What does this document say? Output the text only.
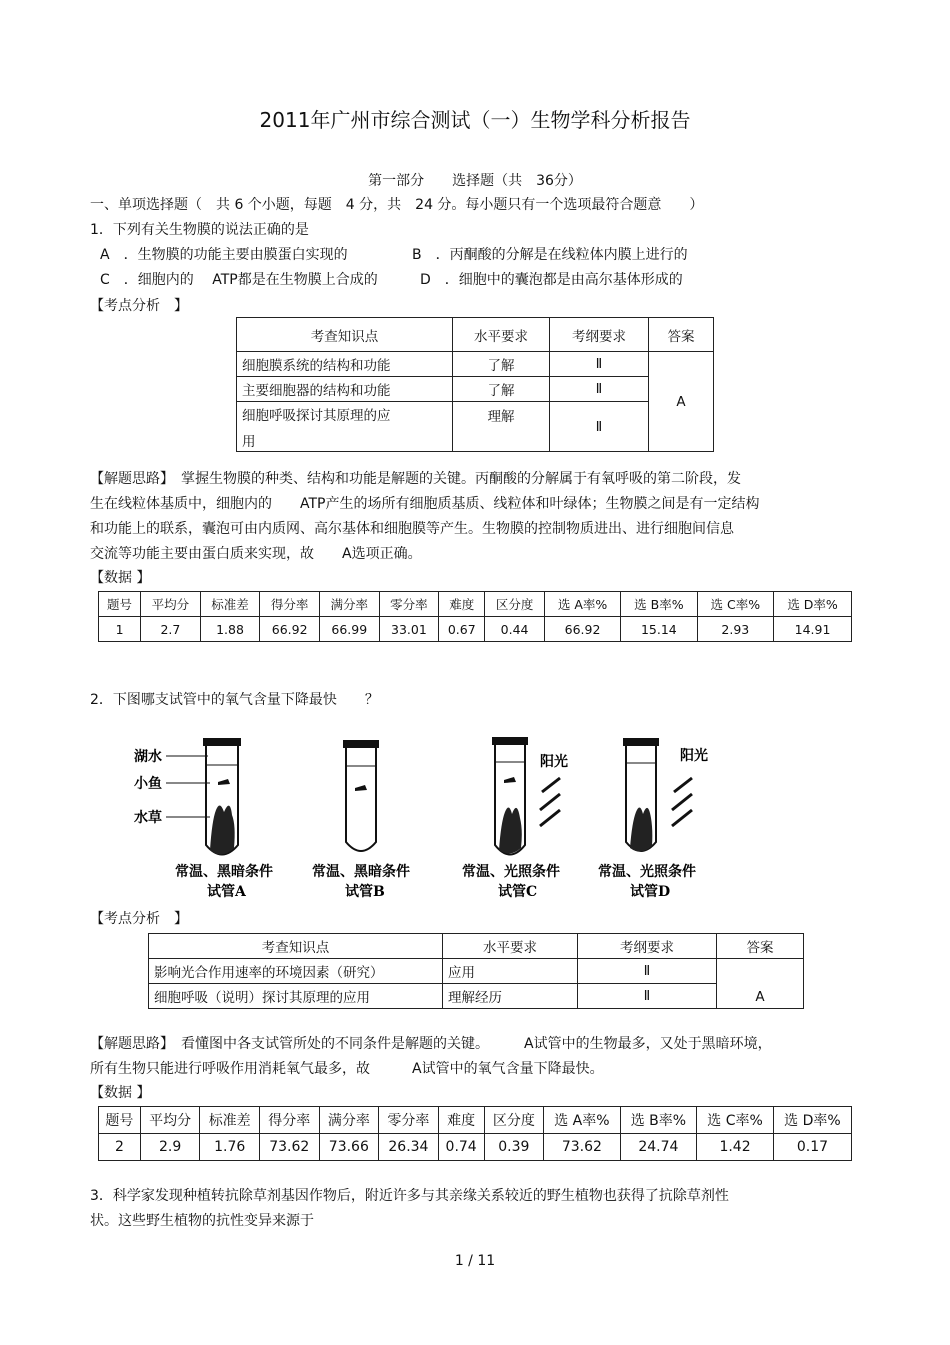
2011年广州市综合测试（一）生物学科分析报告
第一部分　　选择题（共　36分）
一、单项选择题（　共 6 个小题，每题　4 分，共　24 分。每小题只有一个选项最符合题意　　）
1．下列有关生物膜的说法正确的是
A　．生物膜的功能主要由膜蛋白实现的	B　．丙酮酸的分解是在线粒体内膜上进行的
C　．细胞内的　 ATP都是在生物膜上合成的	D　．细胞中的囊泡都是由高尔基体形成的
【考点分析　】
考查知识点	水平要求	考纲要求	答案
细胞膜系统的结构和功能	了解	Ⅱ	A
主要细胞器的结构和功能	了解	Ⅱ	

细胞呼吸探讨其原理的应
用	理解	Ⅱ	
【解题思路】　掌握生物膜的种类、结构和功能是解题的关键。丙酮酸的分解属于有氧呼吸的第二阶段，发
生在线粒体基质中，细胞内的　　ATP产生的场所有细胞质基质、线粒体和叶绿体；生物膜之间是有一定结构
和功能上的联系，囊泡可由内质网、高尔基体和细胞膜等产生。生物膜的控制物质进出、进行细胞间信息
交流等功能主要由蛋白质来实现，故　　A选项正确。
【数据 】
题号	平均分	标准差	得分率	满分率	零分率	难度	区分度	选 A率%	选 B率%	选 C率%	选 D率%
1	2.7	1.88	66.92	66.99	33.01	0.67	0.44	66.92	15.14	2.93	14.91
2．下图哪支试管中的氧气含量下降最快　　？
湖水
小鱼
水草
阳光	阳光
常温、黑暗条件
试管A
常温、黑暗条件
试管B
常温、光照条件
试管C
常温、光照条件
试管D
【考点分析　】
考查知识点	水平要求	考纲要求	答案
影响光合作用速率的环境因素（研究）	应用	Ⅱ	A
细胞呼吸（说明）探讨其原理的应用	理解经历	Ⅱ	
【解题思路】　看懂图中各支试管所处的不同条件是解题的关键。　　　A试管中的生物最多，又处于黑暗环境，
所有生物只能进行呼吸作用消耗氧气最多，故　　　A试管中的氧气含量下降最快。
【数据 】
题号	平均分	标准差	得分率	满分率	零分率	难度	区分度	选 A率%	选 B率%	选 C率%	选 D率%
2	2.9	1.76	73.62	73.66	26.34	0.74	0.39	73.62	24.74	1.42	0.17
3．科学家发现种植转抗除草剂基因作物后，附近许多与其亲缘关系较近的野生植物也获得了抗除草剂性
状。这些野生植物的抗性变异来源于
1 / 11
